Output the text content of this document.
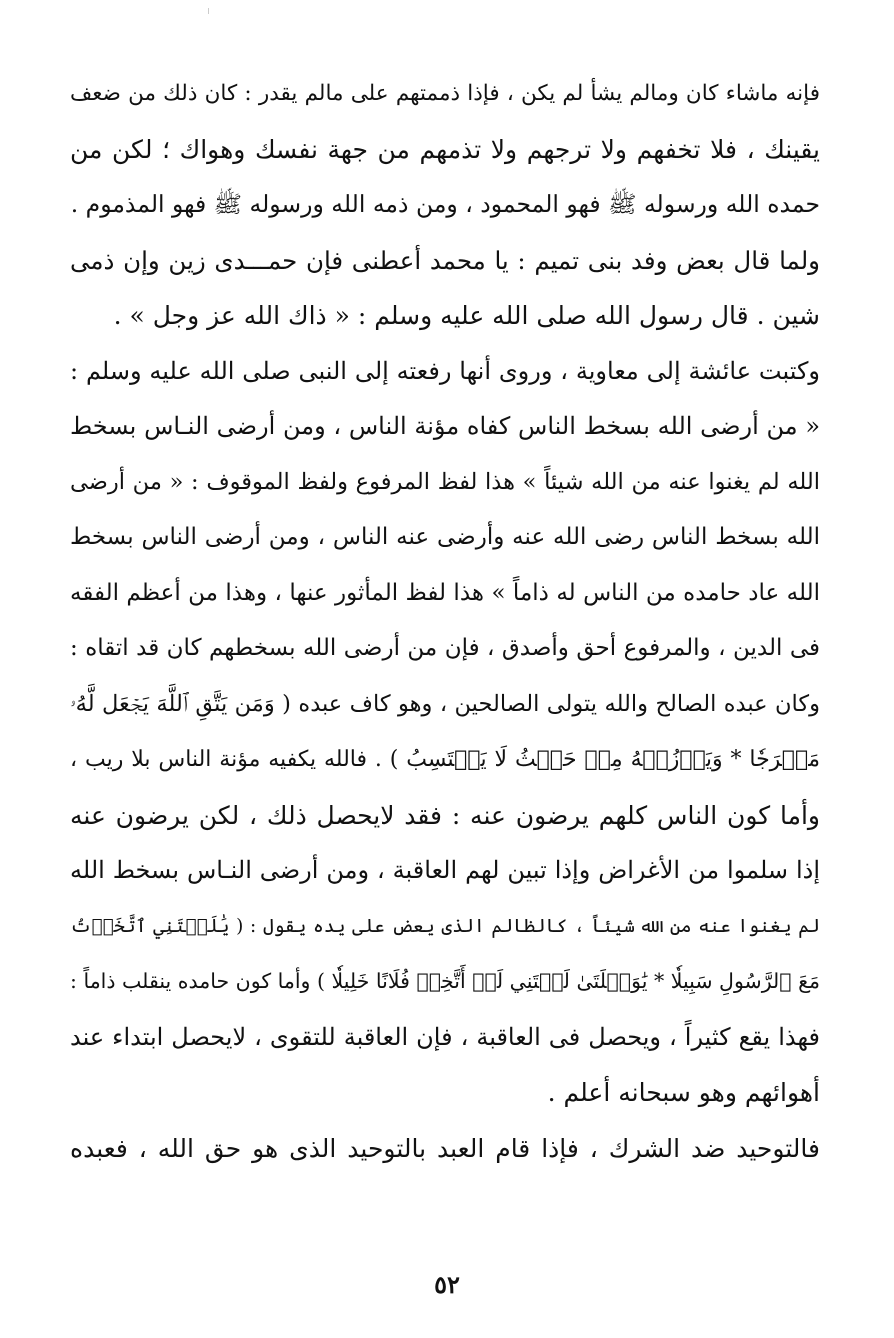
فإنه ماشاء كان ومالم يشأ لم يكن ، فإذا ذممتهم على مالم يقدر : كان ذلك من ضعف
يقينك ، فلا تخفهم ولا ترجهم ولا تذمهم من جهة نفسك وهواك ؛ لكن من
حمده الله ورسوله ﷺ فهو المحمود ، ومن ذمه الله ورسوله ﷺ فهو المذموم .
ولما قال بعض وفد بنى تميم : يا محمد أعطنى فإن حمـــدى زين وإن ذمى
شين . قال رسول الله صلى الله عليه وسلم : « ذاك الله عز وجل » .
وكتبت عائشة إلى معاوية ، وروى أنها رفعته إلى النبى صلى الله عليه وسلم :
« من أرضى الله بسخط الناس كفاه مؤنة الناس ، ومن أرضى النـاس بسخط
الله لم يغنوا عنه من الله شيئاً » هذا لفظ المرفوع ولفظ الموقوف : « من أرضى
الله بسخط الناس رضى الله عنه وأرضى عنه الناس ، ومن أرضى الناس بسخط
الله عاد حامده من الناس له ذاماً » هذا لفظ المأثور عنها ، وهذا من أعظم الفقه
فى الدين ، والمرفوع أحق وأصدق ، فإن من أرضى الله بسخطهم كان قد اتقاه :
وكان عبده الصالح والله يتولى الصالحين ، وهو كاف عبده ( وَمَن يَتَّقِ ٱللَّهَ يَجۡعَل لَّهُۥ
مَخۡرَجٗا * وَيَرۡزُقۡهُ مِنۡ حَيۡثُ لَا يَحۡتَسِبُ ) . فالله يكفيه مؤنة الناس بلا ريب ،
وأما كون الناس كلهم يرضون عنه : فقد لايحصل ذلك ، لكن يرضون عنه
إذا سلموا من الأغراض وإذا تبين لهم العاقبة ، ومن أرضى النـاس بسخط الله
لم يغنوا عنه من الله شيئاً ، كالظالم الذى يعض على يده يقول : ( يَٰلَيۡتَنِي ٱتَّخَذۡتُ
مَعَ ٱلرَّسُولِ سَبِيلٗا * يَٰوَيۡلَتَىٰ لَيۡتَنِي لَمۡ أَتَّخِذۡ فُلَانًا خَلِيلٗا ) وأما كون حامده ينقلب ذاماً :
فهذا يقع كثيراً ، ويحصل فى العاقبة ، فإن العاقبة للتقوى ، لايحصل ابتداء عند
أهوائهم وهو سبحانه أعلم .
فالتوحيد ضد الشرك ، فإذا قام العبد بالتوحيد الذى هو حق الله ، فعبده
٥٢
